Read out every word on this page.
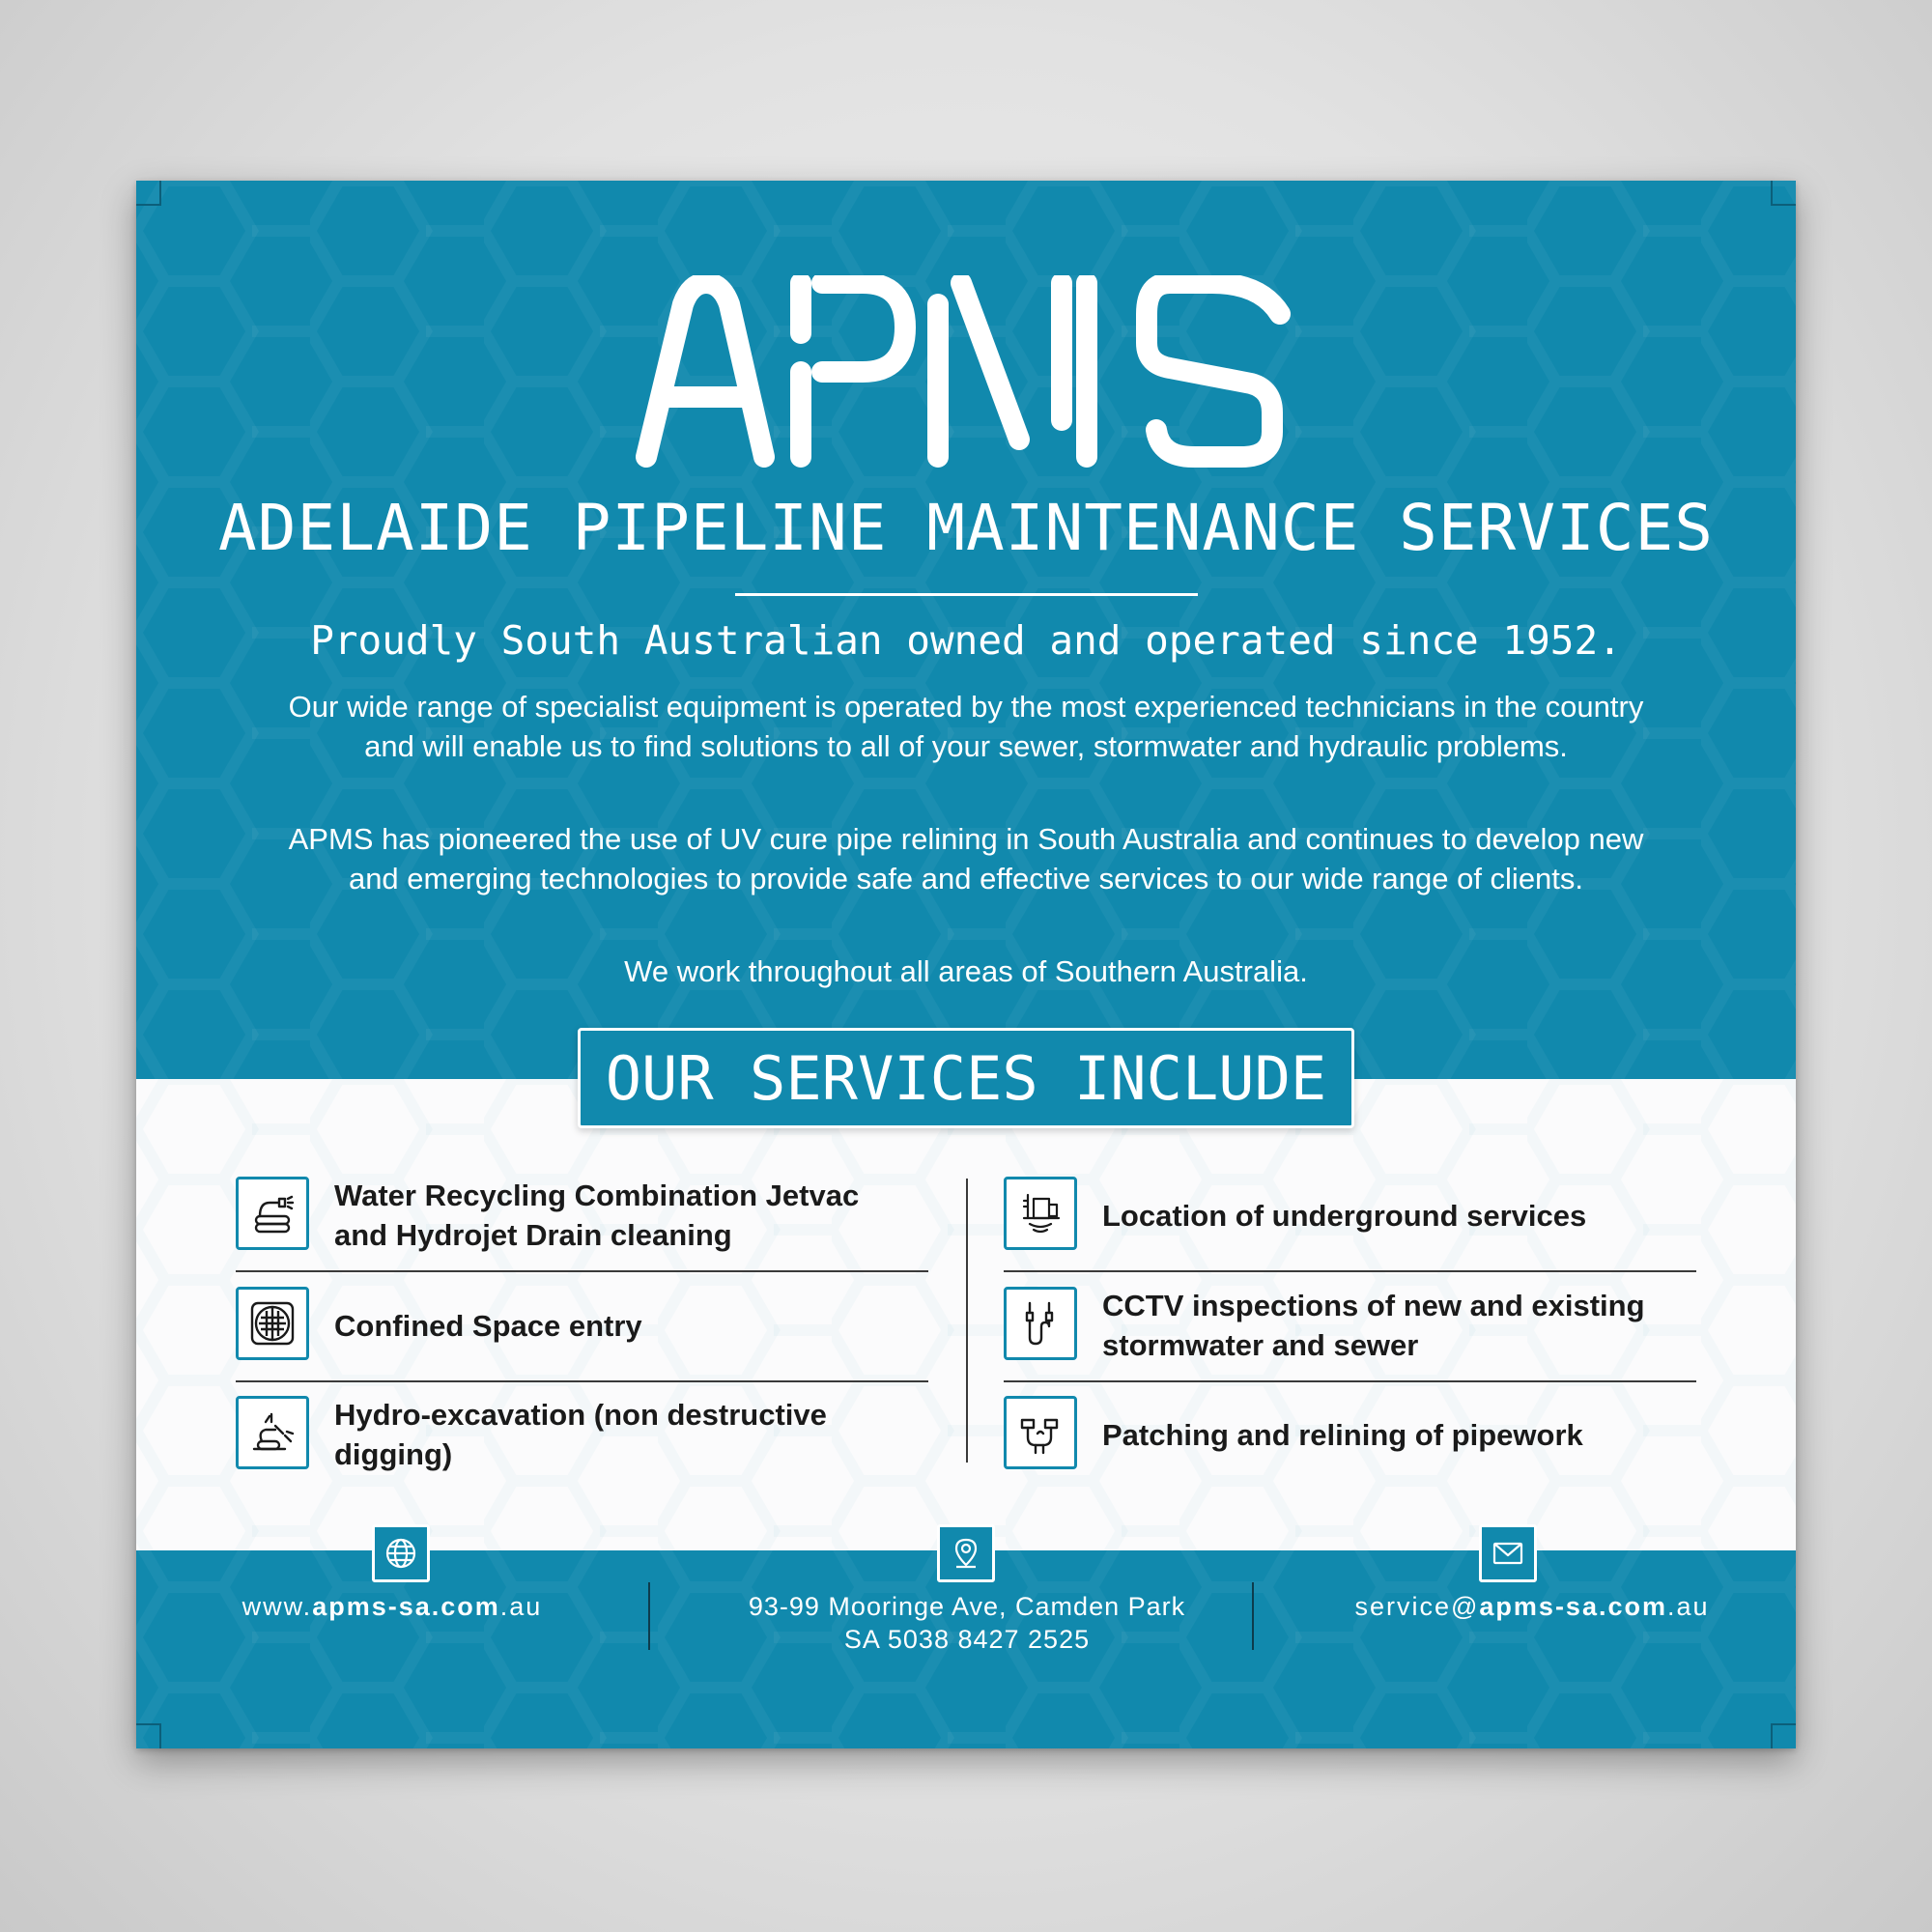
ADELAIDE PIPELINE MAINTENANCE SERVICES
Proudly South Australian owned and operated since 1952.
Our wide range of specialist equipment is operated by the most experienced technicians in the country and will enable us to find solutions to all of your sewer, stormwater and hydraulic problems.
APMS has pioneered the use of UV cure pipe relining in South Australia and continues to develop new and emerging technologies to provide safe and effective services to our wide range of clients.
We work throughout all areas of Southern Australia.
OUR SERVICES INCLUDE
Water Recycling Combination Jetvac and Hydrojet Drain cleaning
Confined Space entry
Hydro-excavation (non destructive digging)
Location of underground services
CCTV inspections of new and existing stormwater and sewer
Patching and relining of pipework
www.apms-sa.com.au	93-99 Mooringe Ave, Camden Park
SA 5038 8427 2525
service@apms-sa.com.au
